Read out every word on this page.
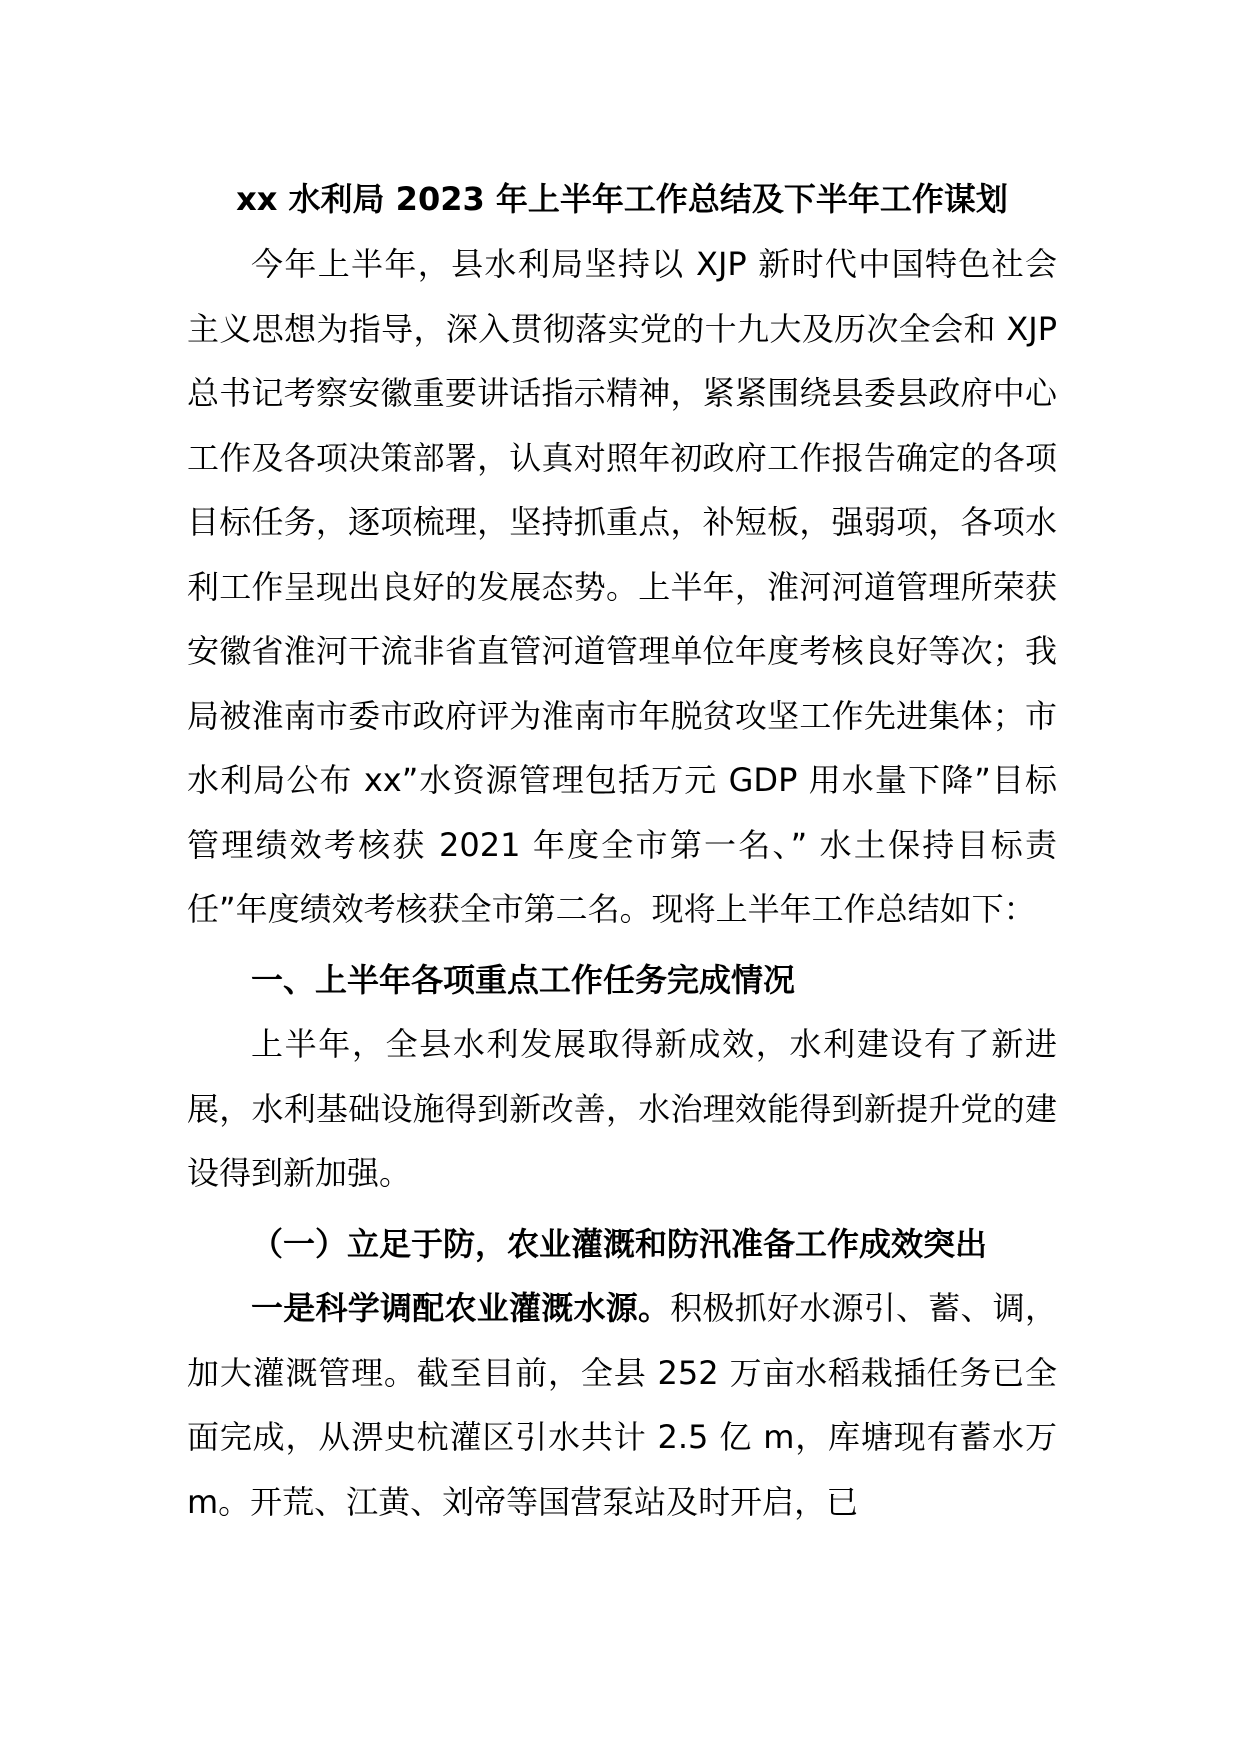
xx 水利局 2023 年上半年工作总结及下半年工作谋划

今年上半年，县水利局坚持以 XJP 新时代中国特色社会主义思想为指导，深入贯彻落实党的十九大及历次全会和 XJP 总书记考察安徽重要讲话指示精神，紧紧围绕县委县政府中心工作及各项决策部署，认真对照年初政府工作报告确定的各项目标任务，逐项梳理，坚持抓重点，补短板，强弱项，各项水利工作呈现出良好的发展态势。上半年，淮河河道管理所荣获安徽省淮河干流非省直管河道管理单位年度考核良好等次；我局被淮南市委市政府评为淮南市年脱贫攻坚工作先进集体；市水利局公布 xx”水资源管理包括万元 GDP 用水量下降”目标管理绩效考核获 2021 年度全市第一名、” 水土保持目标责任”年度绩效考核获全市第二名。现将上半年工作总结如下：

一、上半年各项重点工作任务完成情况

上半年，全县水利发展取得新成效，水利建设有了新进展，水利基础设施得到新改善，水治理效能得到新提升党的建设得到新加强。

（一）立足于防，农业灌溉和防汛准备工作成效突出

一是科学调配农业灌溉水源。积极抓好水源引、蓄、调，加大灌溉管理。截至目前，全县 252 万亩水稻栽插任务已全面完成，从淠史杭灌区引水共计 2.5 亿 m，库塘现有蓄水万 m。开荒、江黄、刘帝等国营泵站及时开启，已
